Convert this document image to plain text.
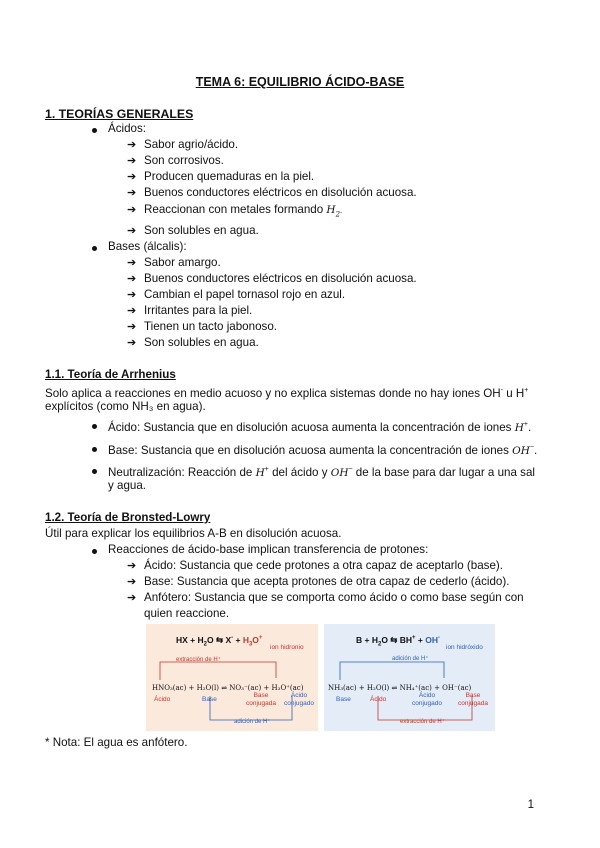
TEMA 6: EQUILIBRIO ÁCIDO-BASE
1. TEORÍAS GENERALES
Ácidos:
➔ Sabor agrio/ácido.
➔ Son corrosivos.
➔ Producen quemaduras en la piel.
➔ Buenos conductores eléctricos en disolución acuosa.
➔ Reaccionan con metales formando $H_2$.
➔ Son solubles en agua.
Bases (álcalis):
➔ Sabor amargo.
➔ Buenos conductores eléctricos en disolución acuosa.
➔ Cambian el papel tornasol rojo en azul.
➔ Irritantes para la piel.
➔ Tienen un tacto jabonoso.
➔ Son solubles en agua.
1.1. Teoría de Arrhenius
Solo aplica a reacciones en medio acuoso y no explica sistemas donde no hay iones OH- u H+
explícitos (como NH₃ en agua).
Ácido: Sustancia que en disolución acuosa aumenta la concentración de iones H+.
Base: Sustancia que en disolución acuosa aumenta la concentración de iones OH−.
Neutralización: Reacción de H+ del ácido y OH− de la base para dar lugar a una sal
y agua.
1.2. Teoría de Bronsted-Lowry
Útil para explicar los equilibrios A-B en disolución acuosa.
Reacciones de ácido-base implican transferencia de protones:
➔ Ácido: Sustancia que cede protones a otra capaz de aceptarlo (base).
➔ Base: Sustancia que acepta protones de otra capaz de cederlo (ácido).
➔ Anfótero: Sustancia que se comporta como ácido o como base según con
quien reaccione.
HX + $H_2O$ ⇆ $X^- + H_3O^+$
ion hidronio
extracción de H⁺
HNO₃(ac) + H₂O(l) ⇌ NO₃⁻(ac) + H₃O⁺(ac)
Ácido	Base
Base conjugada
Ácido conjugado
adición de H⁺
$B + H_2O$ ⇆ BH+ + OH-
ion hidróxido
adición de H⁺
NH₃(ac) + H₂O(l) ⇌ NH₄⁺(ac) + OH⁻(ac)
Base	Ácido
Ácido conjugado
Base conjugada
extracción de H⁺
* Nota: El agua es anfótero.
1
